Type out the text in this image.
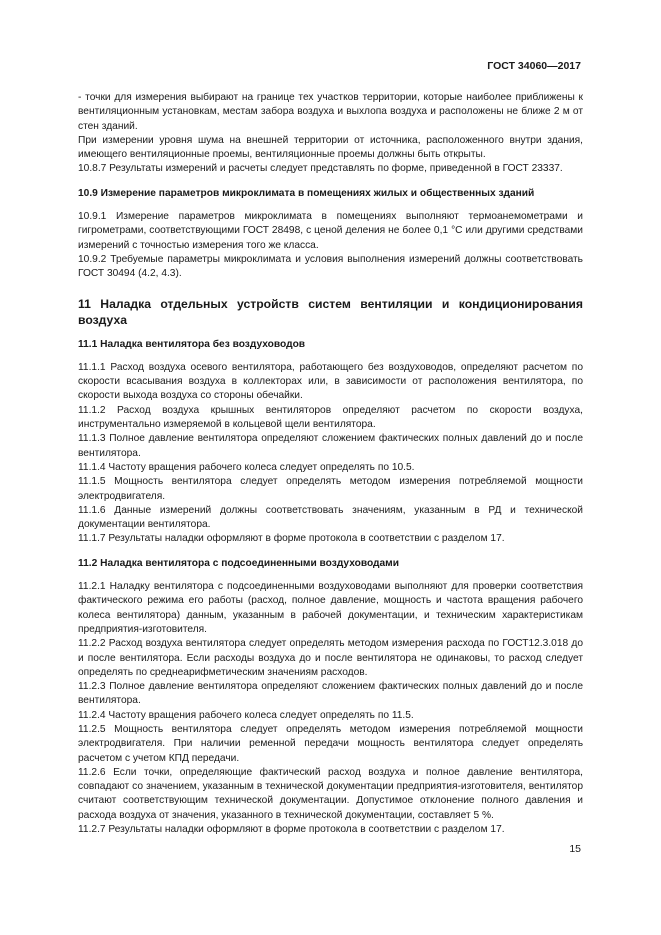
ГОСТ 34060—2017

- точки для измерения выбирают на границе тех участков территории, которые наиболее приближены к вентиляционным установкам, местам забора воздуха и выхлопа воздуха и расположены не ближе 2 м от стен зданий.

При измерении уровня шума на внешней территории от источника, расположенного внутри здания, имеющего вентиляционные проемы, вентиляционные проемы должны быть открыты.

10.8.7 Результаты измерений и расчеты следует представлять по форме, приведенной в ГОСТ 23337.

10.9 Измерение параметров микроклимата в помещениях жилых и общественных зданий

10.9.1 Измерение параметров микроклимата в помещениях выполняют термоанемометрами и гигрометрами, соответствующими ГОСТ 28498, с ценой деления не более 0,1 °С или другими средствами измерений с точностью измерения того же класса.

10.9.2 Требуемые параметры микроклимата и условия выполнения измерений должны соответствовать ГОСТ 30494 (4.2, 4.3).

11 Наладка отдельных устройств систем вентиляции и кондиционирования воздуха

11.1 Наладка вентилятора без воздуховодов

11.1.1 Расход воздуха осевого вентилятора, работающего без воздуховодов, определяют расчетом по скорости всасывания воздуха в коллекторах или, в зависимости от расположения вентилятора, по скорости выхода воздуха со стороны обечайки.

11.1.2 Расход воздуха крышных вентиляторов определяют расчетом по скорости воздуха, инструментально измеряемой в кольцевой щели вентилятора.

11.1.3 Полное давление вентилятора определяют сложением фактических полных давлений до и после вентилятора.

11.1.4 Частоту вращения рабочего колеса следует определять по 10.5.

11.1.5 Мощность вентилятора следует определять методом измерения потребляемой мощности электродвигателя.

11.1.6 Данные измерений должны соответствовать значениям, указанным в РД и технической документации вентилятора.

11.1.7 Результаты наладки оформляют в форме протокола в соответствии с разделом 17.

11.2 Наладка вентилятора с подсоединенными воздуховодами

11.2.1 Наладку вентилятора с подсоединенными воздуховодами выполняют для проверки соответствия фактического режима его работы (расход, полное давление, мощность и частота вращения рабочего колеса вентилятора) данным, указанным в рабочей документации, и техническим характеристикам предприятия-изготовителя.

11.2.2 Расход воздуха вентилятора следует определять методом измерения расхода по ГОСТ12.3.018 до и после вентилятора. Если расходы воздуха до и после вентилятора не одинаковы, то расход следует определять по среднеарифметическим значениям расходов.

11.2.3 Полное давление вентилятора определяют сложением фактических полных давлений до и после вентилятора.

11.2.4 Частоту вращения рабочего колеса следует определять по 11.5.

11.2.5 Мощность вентилятора следует определять методом измерения потребляемой мощности электродвигателя. При наличии ременной передачи мощность вентилятора следует определять расчетом с учетом КПД передачи.

11.2.6 Если точки, определяющие фактический расход воздуха и полное давление вентилятора, совпадают со значением, указанным в технической документации предприятия-изготовителя, вентилятор считают соответствующим технической документации. Допустимое отклонение полного давления и расхода воздуха от значения, указанного в технической документации, составляет 5 %.

11.2.7 Результаты наладки оформляют в форме протокола в соответствии с разделом 17.

15
